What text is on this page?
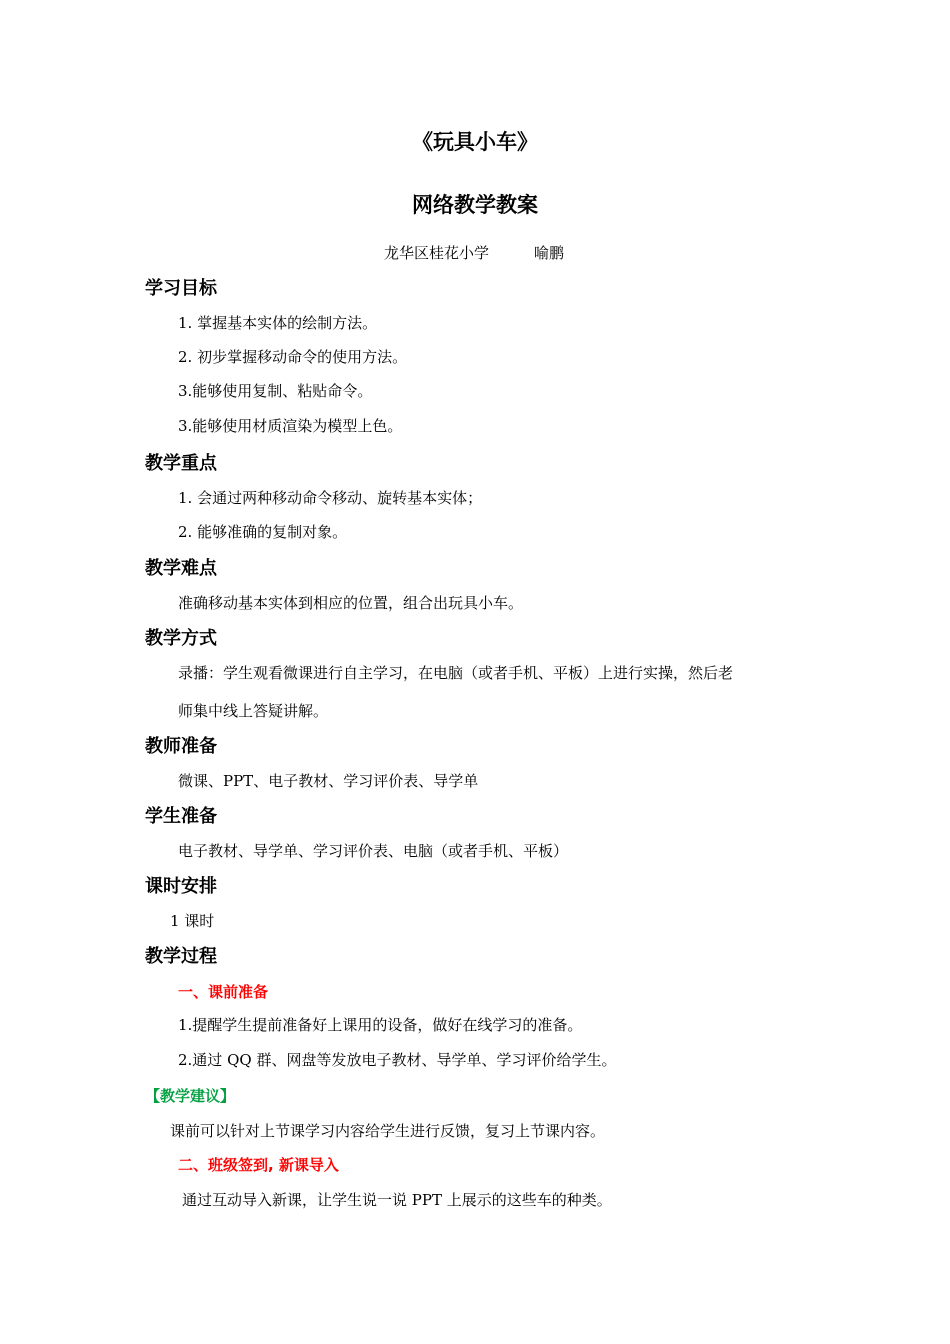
《玩具小车》
网络教学教案
龙华区桂花小学	喻鹏
学习目标
1. 掌握基本实体的绘制方法。
2. 初步掌握移动命令的使用方法。
3.能够使用复制、粘贴命令。
3.能够使用材质渲染为模型上色。
教学重点
1. 会通过两种移动命令移动、旋转基本实体；
2. 能够准确的复制对象。
教学难点
准确移动基本实体到相应的位置，组合出玩具小车。
教学方式
录播：学生观看微课进行自主学习，在电脑（或者手机、平板）上进行实操，然后老
师集中线上答疑讲解。
教师准备
微课、PPT、电子教材、学习评价表、导学单
学生准备
电子教材、导学单、学习评价表、电脑（或者手机、平板）
课时安排
1 课时
教学过程
一、课前准备
1.提醒学生提前准备好上课用的设备，做好在线学习的准备。
2.通过 QQ 群、网盘等发放电子教材、导学单、学习评价给学生。
【教学建议】
课前可以针对上节课学习内容给学生进行反馈，复习上节课内容。
二、班级签到, 新课导入
通过互动导入新课，让学生说一说 PPT 上展示的这些车的种类。
